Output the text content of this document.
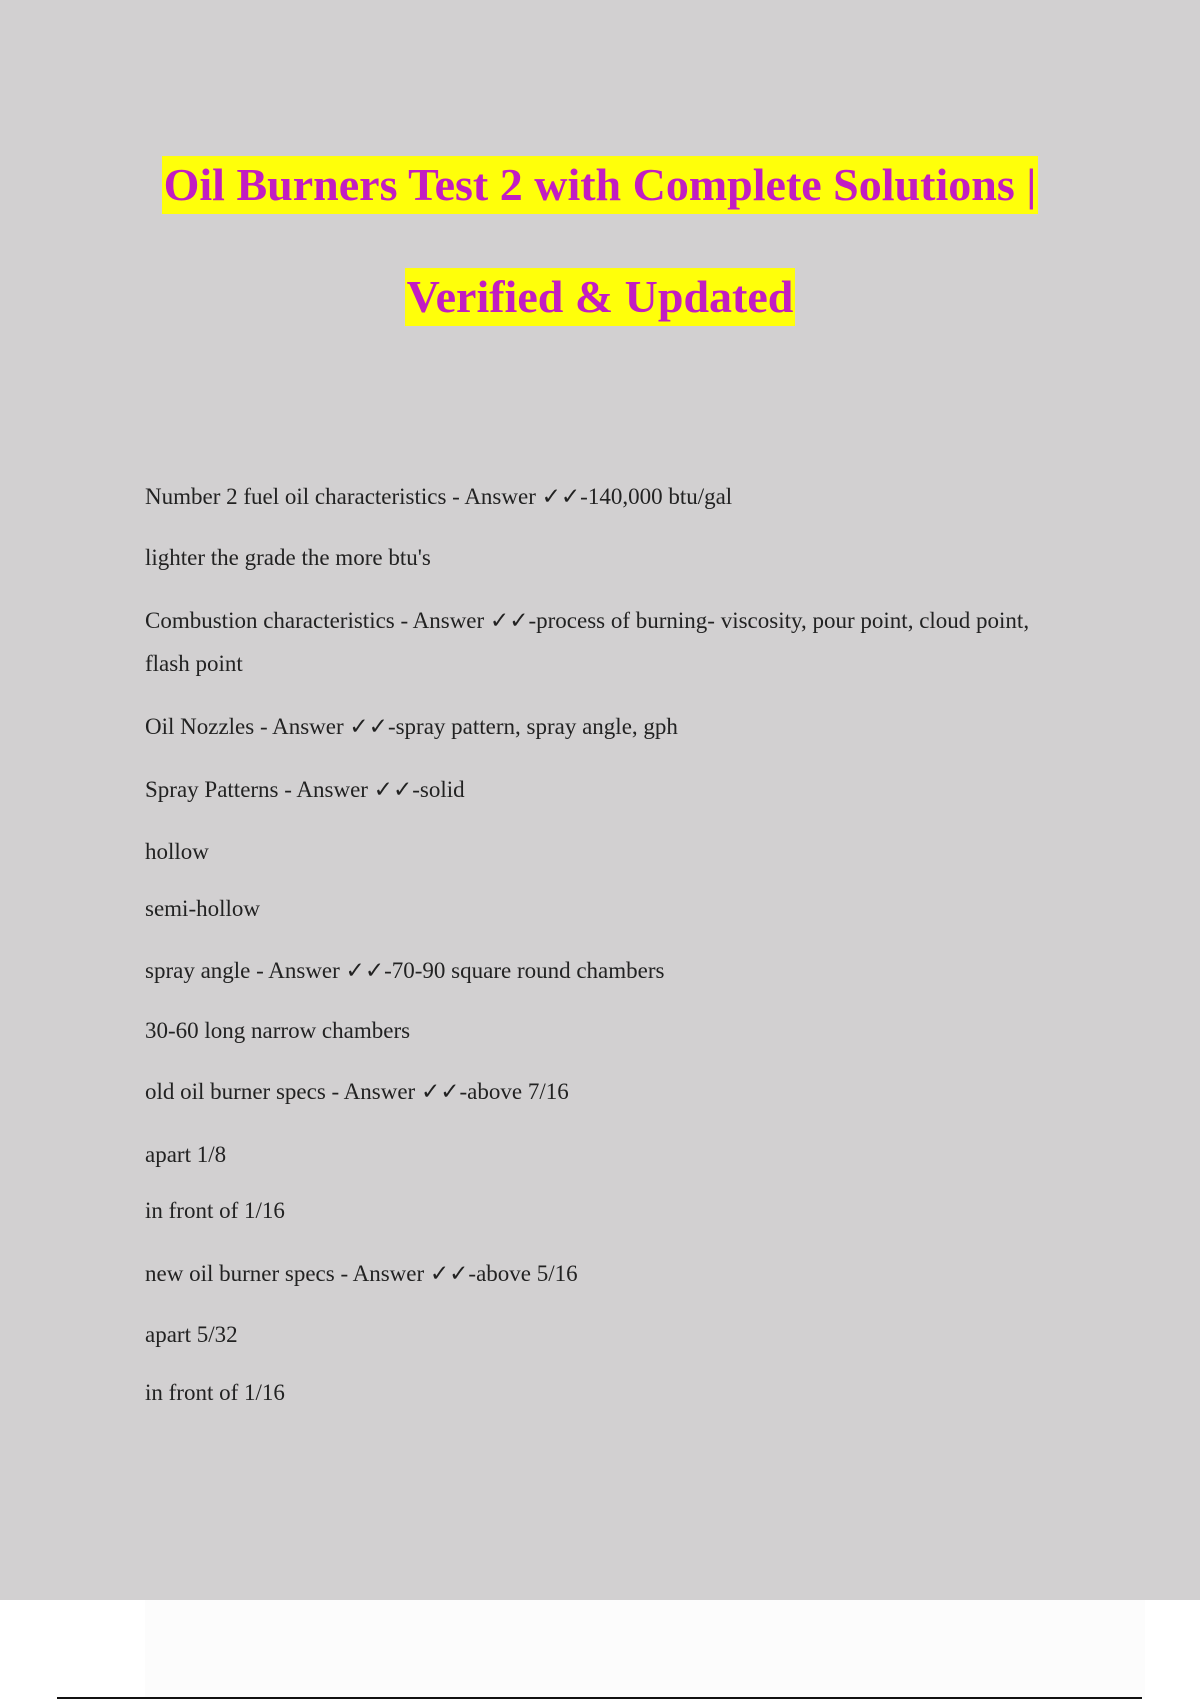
Oil Burners Test 2 with Complete Solutions |
Verified & Updated
Number 2 fuel oil characteristics - Answer ✓✓-140,000 btu/gal
lighter the grade the more btu's
Combustion characteristics - Answer ✓✓-process of burning- viscosity, pour point, cloud point,
flash point
Oil Nozzles - Answer ✓✓-spray pattern, spray angle, gph
Spray Patterns - Answer ✓✓-solid
hollow
semi-hollow
spray angle - Answer ✓✓-70-90 square round chambers
30-60 long narrow chambers
old oil burner specs - Answer ✓✓-above 7/16
apart 1/8
in front of 1/16
new oil burner specs - Answer ✓✓-above 5/16
apart 5/32
in front of 1/16
